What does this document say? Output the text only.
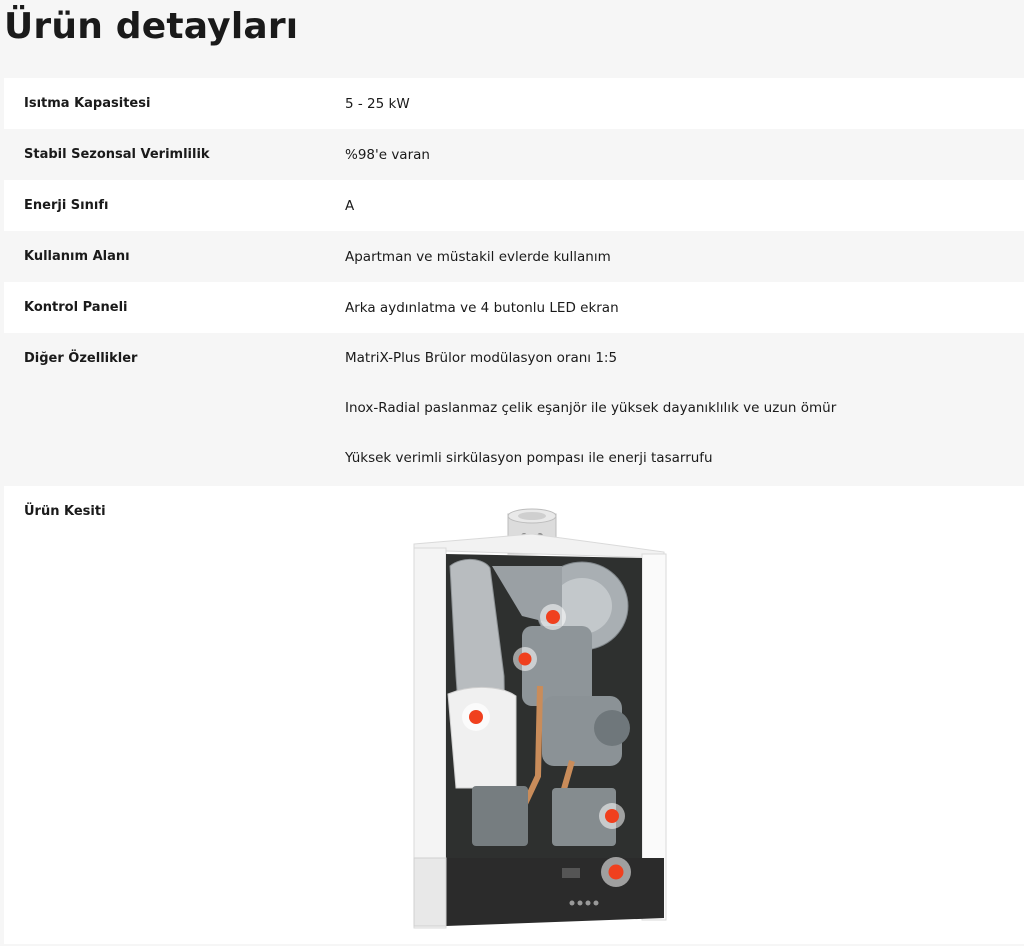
Ürün detayları
Isıtma Kapasitesi	5 - 25 kW
Stabil Sezonsal Verimlilik	%98'e varan
Enerji Sınıfı	A
Kullanım Alanı	Apartman ve müstakil evlerde kullanım
Kontrol Paneli	Arka aydınlatma ve 4 butonlu LED ekran
Diğer Özellikler	MatriX-Plus Brülor modülasyon oranı 1:5
Inox-Radial paslanmaz çelik eşanjör ile yüksek dayanıklılık ve uzun ömür
Yüksek verimli sirkülasyon pompası ile enerji tasarrufu
Ürün Kesiti
